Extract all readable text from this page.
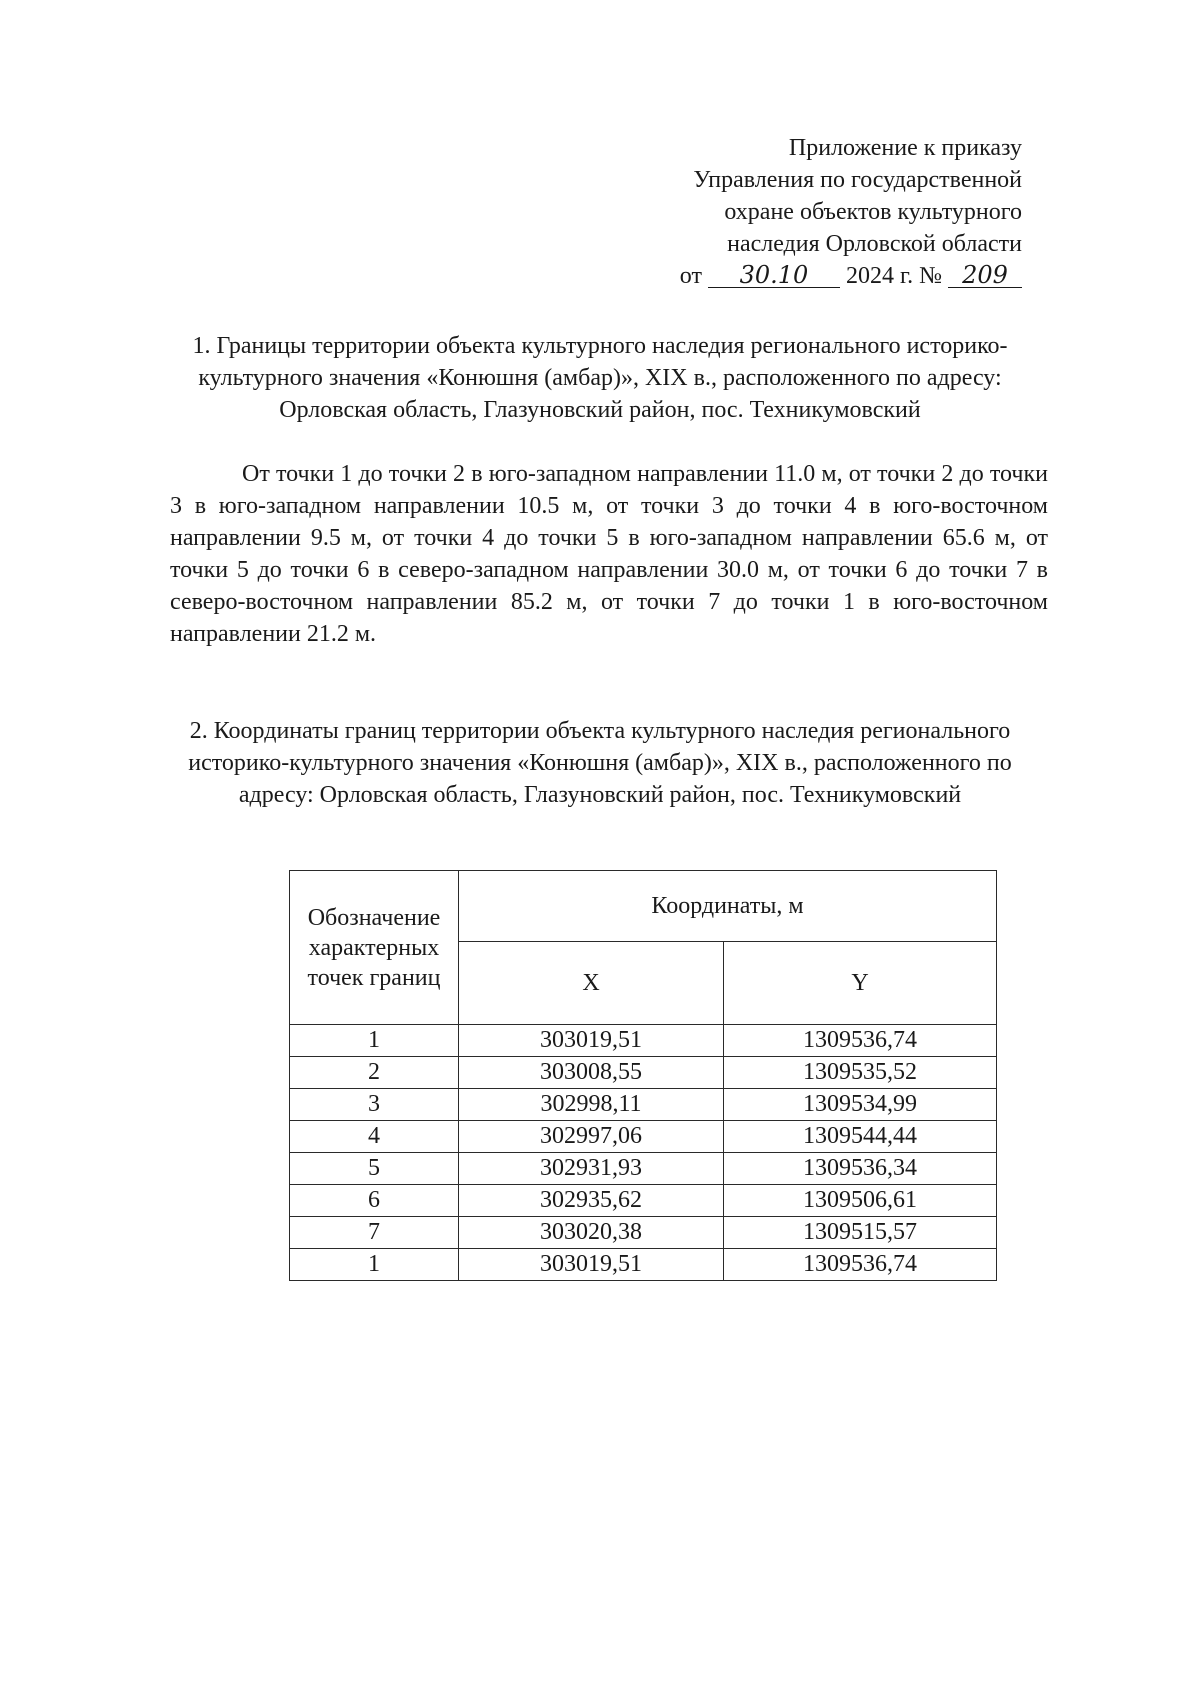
Приложение к приказу
Управления по государственной
охране объектов культурного
наследия Орловской области
от 30.10 2024 г. № 209
1. Границы территории объекта культурного наследия регионального историко-культурного значения «Конюшня (амбар)», XIX в., расположенного по адресу: Орловская область, Глазуновский район, пос. Техникумовский
От точки 1 до точки 2 в юго-западном направлении 11.0 м, от точки 2 до точки 3 в юго-западном направлении 10.5 м, от точки 3 до точки 4 в юго-восточном направлении 9.5 м, от точки 4 до точки 5 в юго-западном направлении 65.6 м, от точки 5 до точки 6 в северо-западном направлении 30.0 м, от точки 6 до точки 7 в северо-восточном направлении 85.2 м, от точки 7 до точки 1 в юго-восточном направлении 21.2 м.
2. Координаты границ территории объекта культурного наследия регионального историко-культурного значения «Конюшня (амбар)», XIX в., расположенного по адресу: Орловская область, Глазуновский район, пос. Техникумовский
Обозначение характерных точек границ	Координаты, м	
	X	Y
1	303019,51	1309536,74
2	303008,55	1309535,52
3	302998,11	1309534,99
4	302997,06	1309544,44
5	302931,93	1309536,34
6	302935,62	1309506,61
7	303020,38	1309515,57
1	303019,51	1309536,74
